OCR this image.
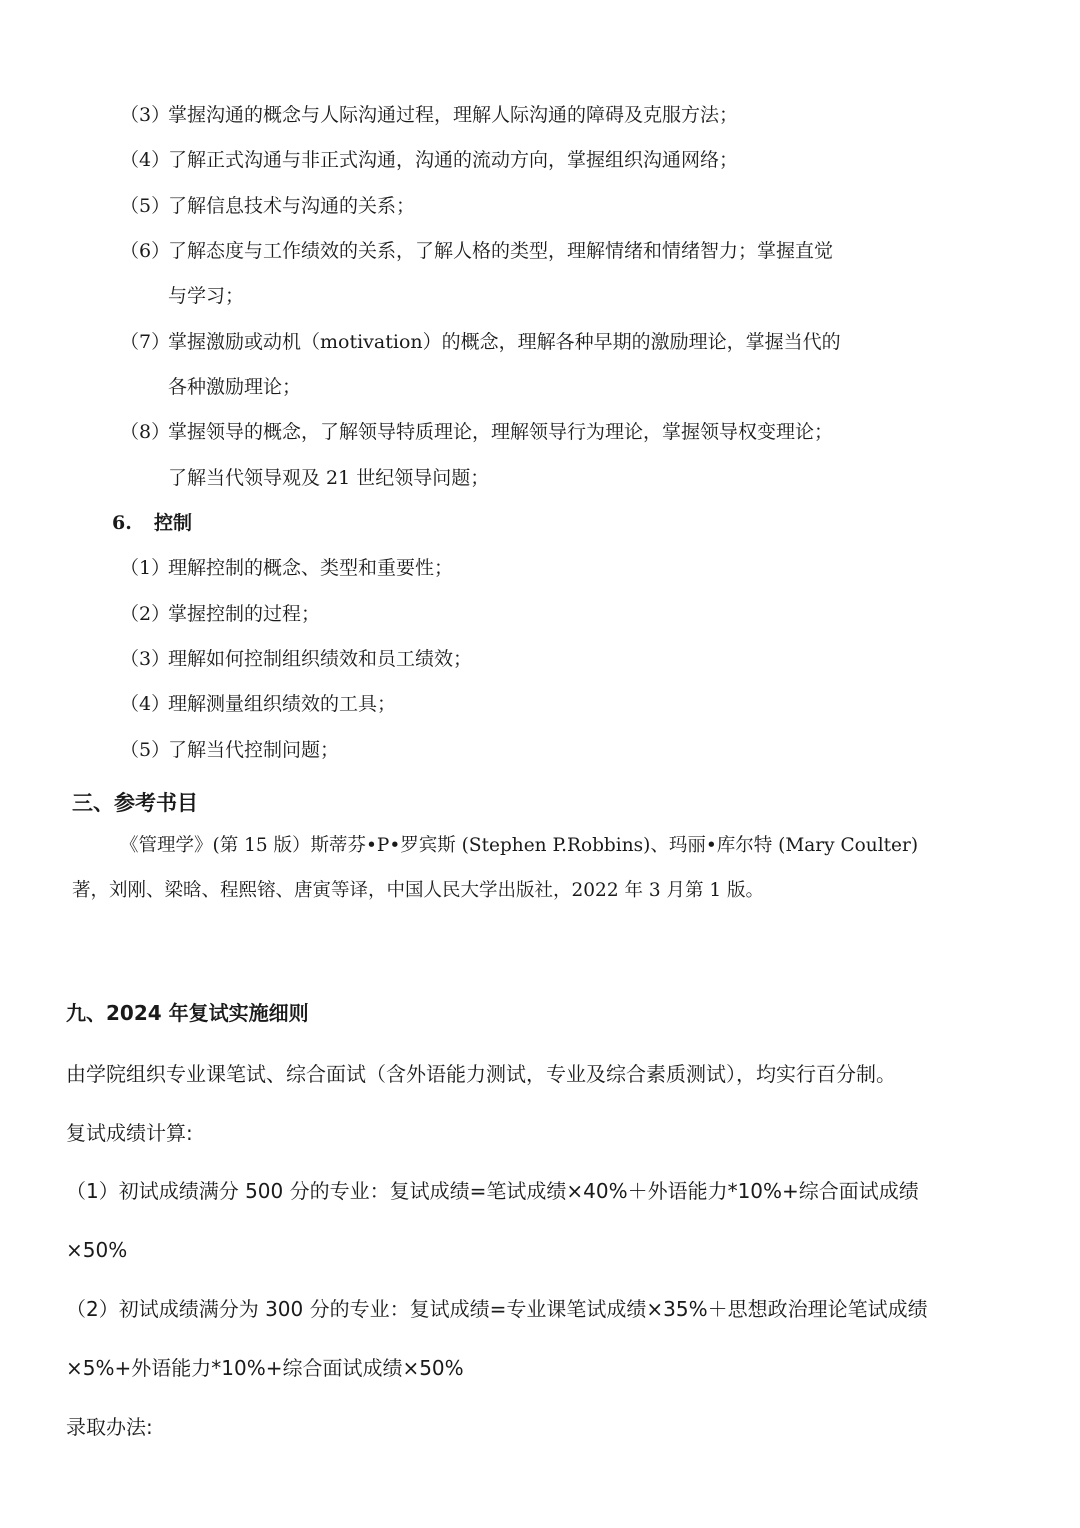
（3）掌握沟通的概念与人际沟通过程，理解人际沟通的障碍及克服方法；
（4）了解正式沟通与非正式沟通，沟通的流动方向，掌握组织沟通网络；
（5）了解信息技术与沟通的关系；
（6）了解态度与工作绩效的关系，了解人格的类型，理解情绪和情绪智力；掌握直觉
与学习；
（7）掌握激励或动机（motivation）的概念，理解各种早期的激励理论，掌握当代的
各种激励理论；
（8）掌握领导的概念，了解领导特质理论，理解领导行为理论，掌握领导权变理论；
了解当代领导观及 21 世纪领导问题；
6. 控制
（1）理解控制的概念、类型和重要性；
（2）掌握控制的过程；
（3）理解如何控制组织绩效和员工绩效；
（4）理解测量组织绩效的工具；
（5）了解当代控制问题；
三、参考书目
《管理学》(第 15 版）斯蒂芬•P•罗宾斯 (Stephen P.Robbins)、玛丽•库尔特 (Mary Coulter)
著，刘刚、梁晗、程熙镕、唐寅等译，中国人民大学出版社，2022 年 3 月第 1 版。
九、2024 年复试实施细则
由学院组织专业课笔试、综合面试（含外语能力测试，专业及综合素质测试），均实行百分制。
复试成绩计算:
（1）初试成绩满分 500 分的专业：复试成绩=笔试成绩×40%＋外语能力*10%+综合面试成绩
×50%
（2）初试成绩满分为 300 分的专业：复试成绩=专业课笔试成绩×35%＋思想政治理论笔试成绩
×5%+外语能力*10%+综合面试成绩×50%
录取办法:
